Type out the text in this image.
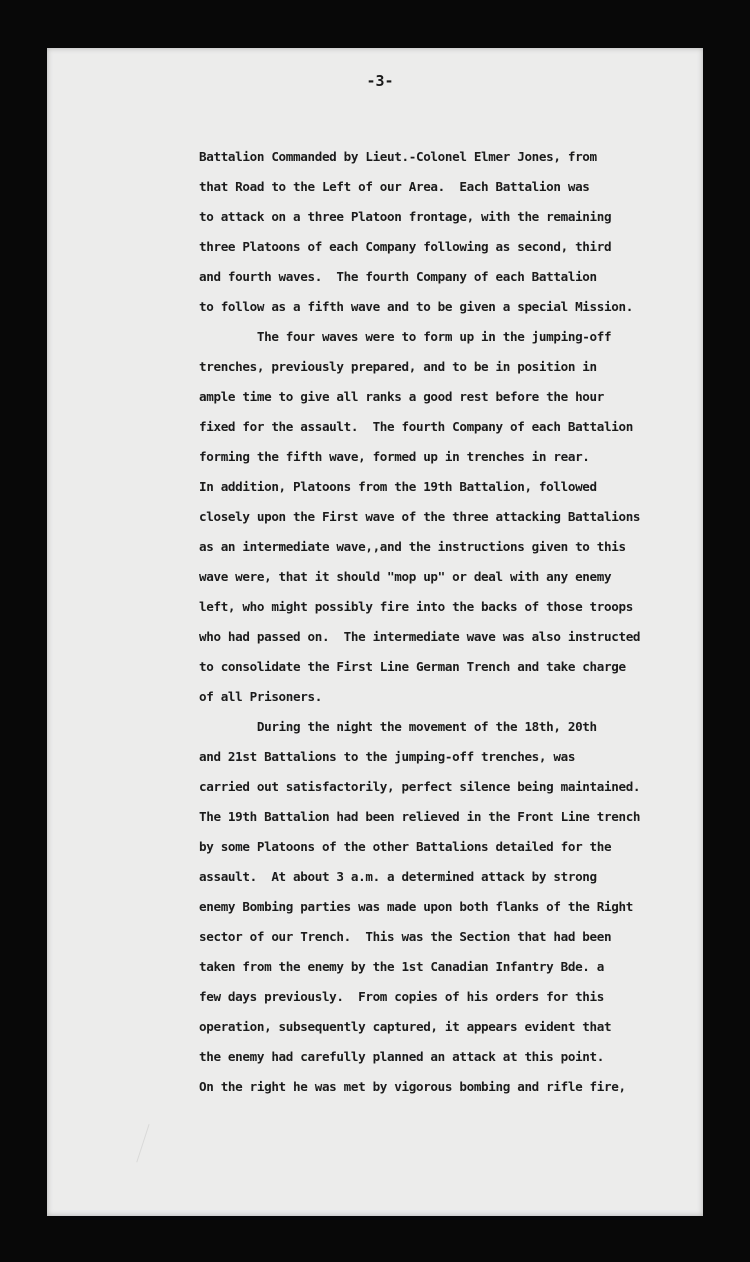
-3-
Battalion Commanded by Lieut.-Colonel Elmer Jones, from
that Road to the Left of our Area.  Each Battalion was
to attack on a three Platoon frontage, with the remaining
three Platoons of each Company following as second, third
and fourth waves.  The fourth Company of each Battalion
to follow as a fifth wave and to be given a special Mission.
The four waves were to form up in the jumping-off
trenches, previously prepared, and to be in position in
ample time to give all ranks a good rest before the hour
fixed for the assault.  The fourth Company of each Battalion
forming the fifth wave, formed up in trenches in rear.
In addition, Platoons from the 19th Battalion, followed
closely upon the First wave of the three attacking Battalions
as an intermediate wave,,and the instructions given to this
wave were, that it should "mop up" or deal with any enemy
left, who might possibly fire into the backs of those troops
who had passed on.  The intermediate wave was also instructed
to consolidate the First Line German Trench and take charge
of all Prisoners.
During the night the movement of the 18th, 20th
and 21st Battalions to the jumping-off trenches, was
carried out satisfactorily, perfect silence being maintained.
The 19th Battalion had been relieved in the Front Line trench
by some Platoons of the other Battalions detailed for the
assault.  At about 3 a.m. a determined attack by strong
enemy Bombing parties was made upon both flanks of the Right
sector of our Trench.  This was the Section that had been
taken from the enemy by the 1st Canadian Infantry Bde. a
few days previously.  From copies of his orders for this
operation, subsequently captured, it appears evident that
the enemy had carefully planned an attack at this point.
On the right he was met by vigorous bombing and rifle fire,
